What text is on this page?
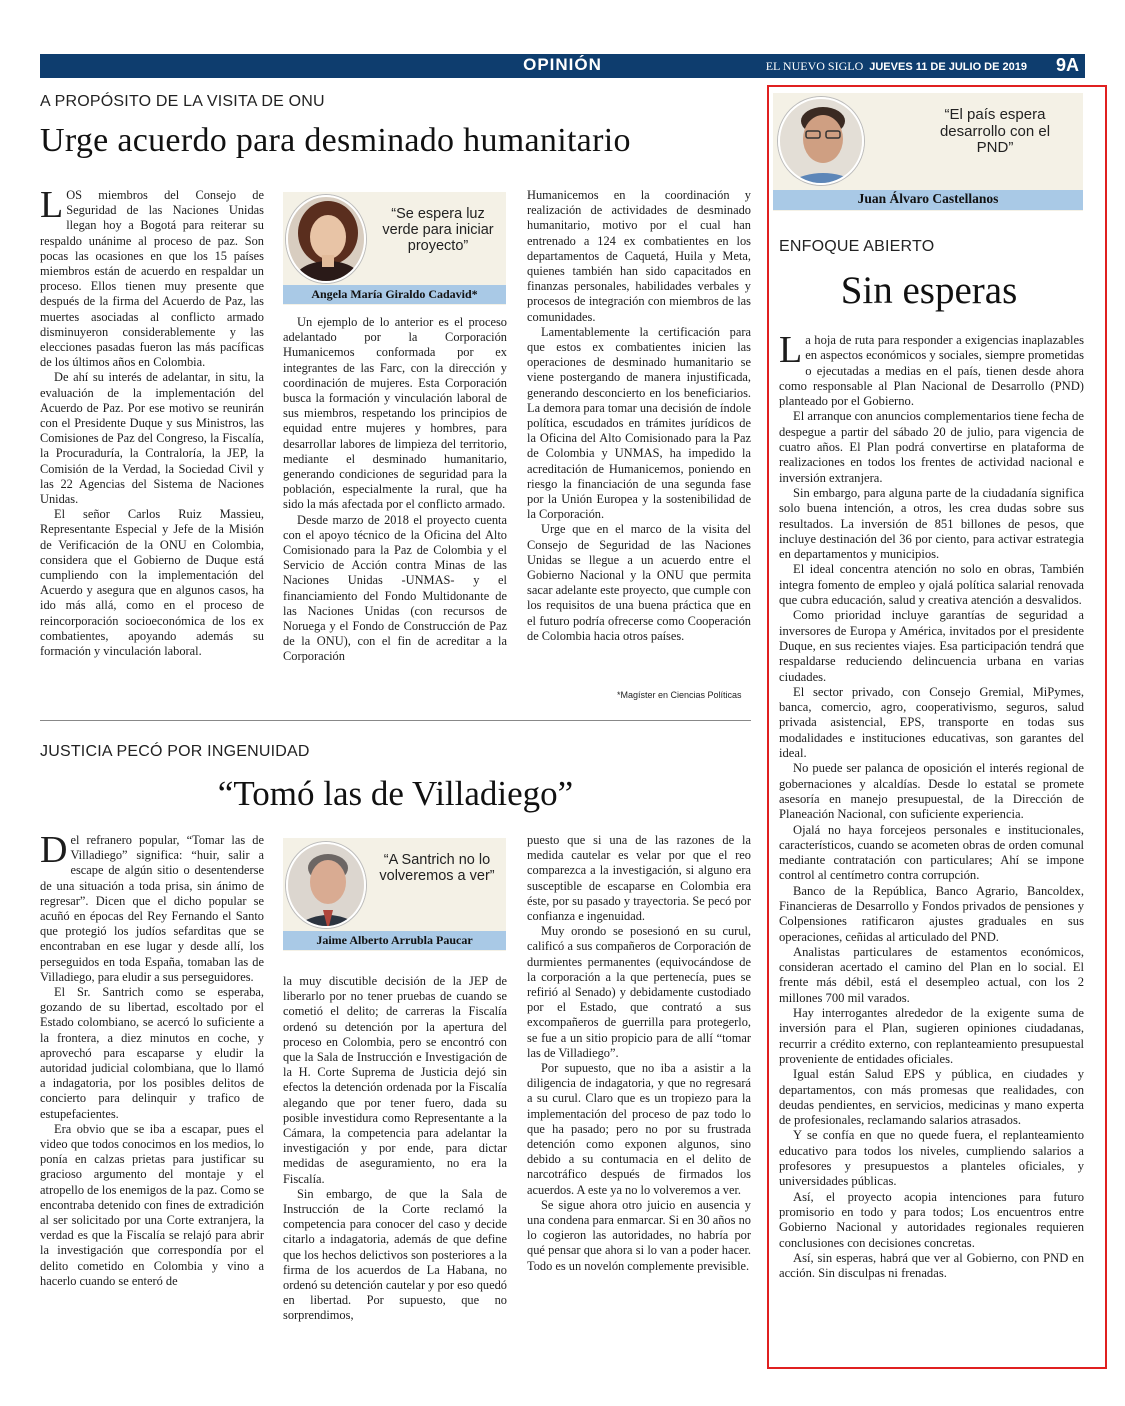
OPINIÓN	EL NUEVO SIGLO JUEVES 11 DE JULIO DE 2019 9A
A PROPÓSITO DE LA VISITA DE ONU
Urge acuerdo para desminado humanitario

LOS miembros del Consejo de Seguridad de las Naciones Unidas llegan hoy a Bogotá para reiterar su respaldo unánime al proceso de paz. Son pocas las ocasiones en que los 15 países miembros están de acuerdo en respaldar un proceso. Ellos tienen muy presente que después de la firma del Acuerdo de Paz, las muertes asociadas al conflicto armado disminuyeron considerablemente y las elecciones pasadas fueron las más pacíficas de los últimos años en Colombia.

De ahí su interés de adelantar, in situ, la evaluación de la implementación del Acuerdo de Paz. Por ese motivo se reunirán con el Presidente Duque y sus Ministros, las Comisiones de Paz del Congreso, la Fiscalía, la Procuraduría, la Contraloría, la JEP, la Comisión de la Verdad, la Sociedad Civil y las 22 Agencias del Sistema de Naciones Unidas.

El señor Carlos Ruiz Massieu, Representante Especial y Jefe de la Misión de Verificación de la ONU en Colombia, considera que el Gobierno de Duque está cumpliendo con la implementación del Acuerdo y asegura que en algunos casos, ha ido más allá, como en el proceso de reincorporación socioeconómica de los ex combatientes, apoyando además su formación y vinculación laboral.

“Se espera luz verde para iniciar proyecto”
Angela María Giraldo Cadavid*

Un ejemplo de lo anterior es el proceso adelantado por la Corporación Humanicemos conformada por ex integrantes de las Farc, con la dirección y coordinación de mujeres. Esta Corporación busca la formación y vinculación laboral de sus miembros, respetando los principios de equidad entre mujeres y hombres, para desarrollar labores de limpieza del territorio, mediante el desminado humanitario, generando condiciones de seguridad para la población, especialmente la rural, que ha sido la más afectada por el conflicto armado.

Desde marzo de 2018 el proyecto cuenta con el apoyo técnico de la Oficina del Alto Comisionado para la Paz de Colombia y el Servicio de Acción contra Minas de las Naciones Unidas -UNMAS- y el financiamiento del Fondo Multidonante de las Naciones Unidas (con recursos de Noruega y el Fondo de Construcción de Paz de la ONU), con el fin de acreditar a la Corporación

Humanicemos en la coordinación y realización de actividades de desminado humanitario, motivo por el cual han entrenado a 124 ex combatientes en los departamentos de Caquetá, Huila y Meta, quienes también han sido capacitados en finanzas personales, habilidades verbales y procesos de integración con miembros de las comunidades.

Lamentablemente la certificación para que estos ex combatientes inicien las operaciones de desminado humanitario se viene postergando de manera injustificada, generando desconcierto en los beneficiarios. La demora para tomar una decisión de índole política, escudados en trámites jurídicos de la Oficina del Alto Comisionado para la Paz de Colombia y UNMAS, ha impedido la acreditación de Humanicemos, poniendo en riesgo la financiación de una segunda fase por la Unión Europea y la sostenibilidad de la Corporación.

Urge que en el marco de la visita del Consejo de Seguridad de las Naciones Unidas se llegue a un acuerdo entre el Gobierno Nacional y la ONU que permita sacar adelante este proyecto, que cumple con los requisitos de una buena práctica que en el futuro podría ofrecerse como Cooperación de Colombia hacia otros países.

*Magíster en Ciencias Políticas
JUSTICIA PECÓ POR INGENUIDAD
“Tomó las de Villadiego”

Del refranero popular, “Tomar las de Villadiego” significa: “huir, salir a escape de algún sitio o desentenderse de una situación a toda prisa, sin ánimo de regresar”. Dicen que el dicho popular se acuñó en épocas del Rey Fernando el Santo que protegió los judíos sefarditas que se encontraban en ese lugar y desde allí, los perseguidos en toda España, tomaban las de Villadiego, para eludir a sus perseguidores.

El Sr. Santrich como se esperaba, gozando de su libertad, escoltado por el Estado colombiano, se acercó lo suficiente a la frontera, a diez minutos en coche, y aprovechó para escaparse y eludir la autoridad judicial colombiana, que lo llamó a indagatoria, por los posibles delitos de concierto para delinquir y trafico de estupefacientes.

Era obvio que se iba a escapar, pues el video que todos conocimos en los medios, lo ponía en calzas prietas para justificar su gracioso argumento del montaje y el atropello de los enemigos de la paz. Como se encontraba detenido con fines de extradición al ser solicitado por una Corte extranjera, la verdad es que la Fiscalía se relajó para abrir la investigación que correspondía por el delito cometido en Colombia y vino a hacerlo cuando se enteró de

“A Santrich no lo volveremos a ver”
Jaime Alberto Arrubla Paucar

la muy discutible decisión de la JEP de liberarlo por no tener pruebas de cuando se cometió el delito; de carreras la Fiscalía ordenó su detención por la apertura del proceso en Colombia, pero se encontró con que la Sala de Instrucción e Investigación de la H. Corte Suprema de Justicia dejó sin efectos la detención ordenada por la Fiscalía alegando que por tener fuero, dada su posible investidura como Representante a la Cámara, la competencia para adelantar la investigación y por ende, para dictar medidas de aseguramiento, no era la Fiscalía.

Sin embargo, de que la Sala de Instrucción de la Corte reclamó la competencia para conocer del caso y decide citarlo a indagatoria, además de que define que los hechos delictivos son posteriores a la firma de los acuerdos de La Habana, no ordenó su detención cautelar y por eso quedó en libertad. Por supuesto, que no sorprendimos,

puesto que si una de las razones de la medida cautelar es velar por que el reo comparezca a la investigación, si alguno era susceptible de escaparse en Colombia era éste, por su pasado y trayectoria. Se pecó por confianza e ingenuidad.

Muy orondo se posesionó en su curul, calificó a sus compañeros de Corporación de durmientes permanentes (equivocándose de la corporación a la que pertenecía, pues se refirió al Senado) y debidamente custodiado por el Estado, que contrató a sus excompañeros de guerrilla para protegerlo, se fue a un sitio propicio para de allí “tomar las de Villadiego”.

Por supuesto, que no iba a asistir a la diligencia de indagatoria, y que no regresará a su curul. Claro que es un tropiezo para la implementación del proceso de paz todo lo que ha pasado; pero no por su frustrada detención como exponen algunos, sino debido a su contumacia en el delito de narcotráfico después de firmados los acuerdos. A este ya no lo volveremos a ver.

Se sigue ahora otro juicio en ausencia y una condena para enmarcar. Si en 30 años no lo cogieron las autoridades, no habría por qué pensar que ahora si lo van a poder hacer. Todo es un novelón complemente previsible.

“El país espera desarrollo con el PND”
Juan Álvaro Castellanos
ENFOQUE ABIERTO
Sin esperas

La hoja de ruta para responder a exigencias inaplazables en aspectos económicos y sociales, siempre prometidas o ejecutadas a medias en el país, tienen desde ahora como responsable al Plan Nacional de Desarrollo (PND) planteado por el Gobierno.

El arranque con anuncios complementarios tiene fecha de despegue a partir del sábado 20 de julio, para vigencia de cuatro años. El Plan podrá convertirse en plataforma de realizaciones en todos los frentes de actividad nacional e inversión extranjera.

Sin embargo, para alguna parte de la ciudadanía significa solo buena intención, a otros, les crea dudas sobre sus resultados. La inversión de 851 billones de pesos, que incluye destinación del 36 por ciento, para activar estrategia en departamentos y municipios.

El ideal concentra atención no solo en obras, También integra fomento de empleo y ojalá política salarial renovada que cubra educación, salud y creativa atención a desvalidos.

Como prioridad incluye garantías de seguridad a inversores de Europa y América, invitados por el presidente Duque, en sus recientes viajes. Esa participación tendrá que respaldarse reduciendo delincuencia urbana en varias ciudades.

El sector privado, con Consejo Gremial, MiPymes, banca, comercio, agro, cooperativismo, seguros, salud privada asistencial, EPS, transporte en todas sus modalidades e instituciones educativas, son garantes del ideal.

No puede ser palanca de oposición el interés regional de gobernaciones y alcaldías. Desde lo estatal se promete asesoría en manejo presupuestal, de la Dirección de Planeación Nacional, con suficiente experiencia.

Ojalá no haya forcejeos personales e institucionales, característicos, cuando se acometen obras de orden comunal mediante contratación con particulares; Ahí se impone control al centímetro contra corrupción.

Banco de la República, Banco Agrario, Bancoldex, Financieras de Desarrollo y Fondos privados de pensiones y Colpensiones ratificaron ajustes graduales en sus operaciones, ceñidas al articulado del PND.

Analistas particulares de estamentos económicos, consideran acertado el camino del Plan en lo social. El frente más débil, está el desempleo actual, con los 2 millones 700 mil varados.

Hay interrogantes alrededor de la exigente suma de inversión para el Plan, sugieren opiniones ciudadanas, recurrir a crédito externo, con replanteamiento presupuestal proveniente de entidades oficiales.

Igual están Salud EPS y pública, en ciudades y departamentos, con más promesas que realidades, con deudas pendientes, en servicios, medicinas y mano experta de profesionales, reclamando salarios atrasados.

Y se confía en que no quede fuera, el replanteamiento educativo para todos los niveles, cumpliendo salarios a profesores y presupuestos a planteles oficiales, y universidades públicas.

Así, el proyecto acopia intenciones para futuro promisorio en todo y para todos; Los encuentros entre Gobierno Nacional y autoridades regionales requieren conclusiones con decisiones concretas.

Así, sin esperas, habrá que ver al Gobierno, con PND en acción. Sin disculpas ni frenadas.
